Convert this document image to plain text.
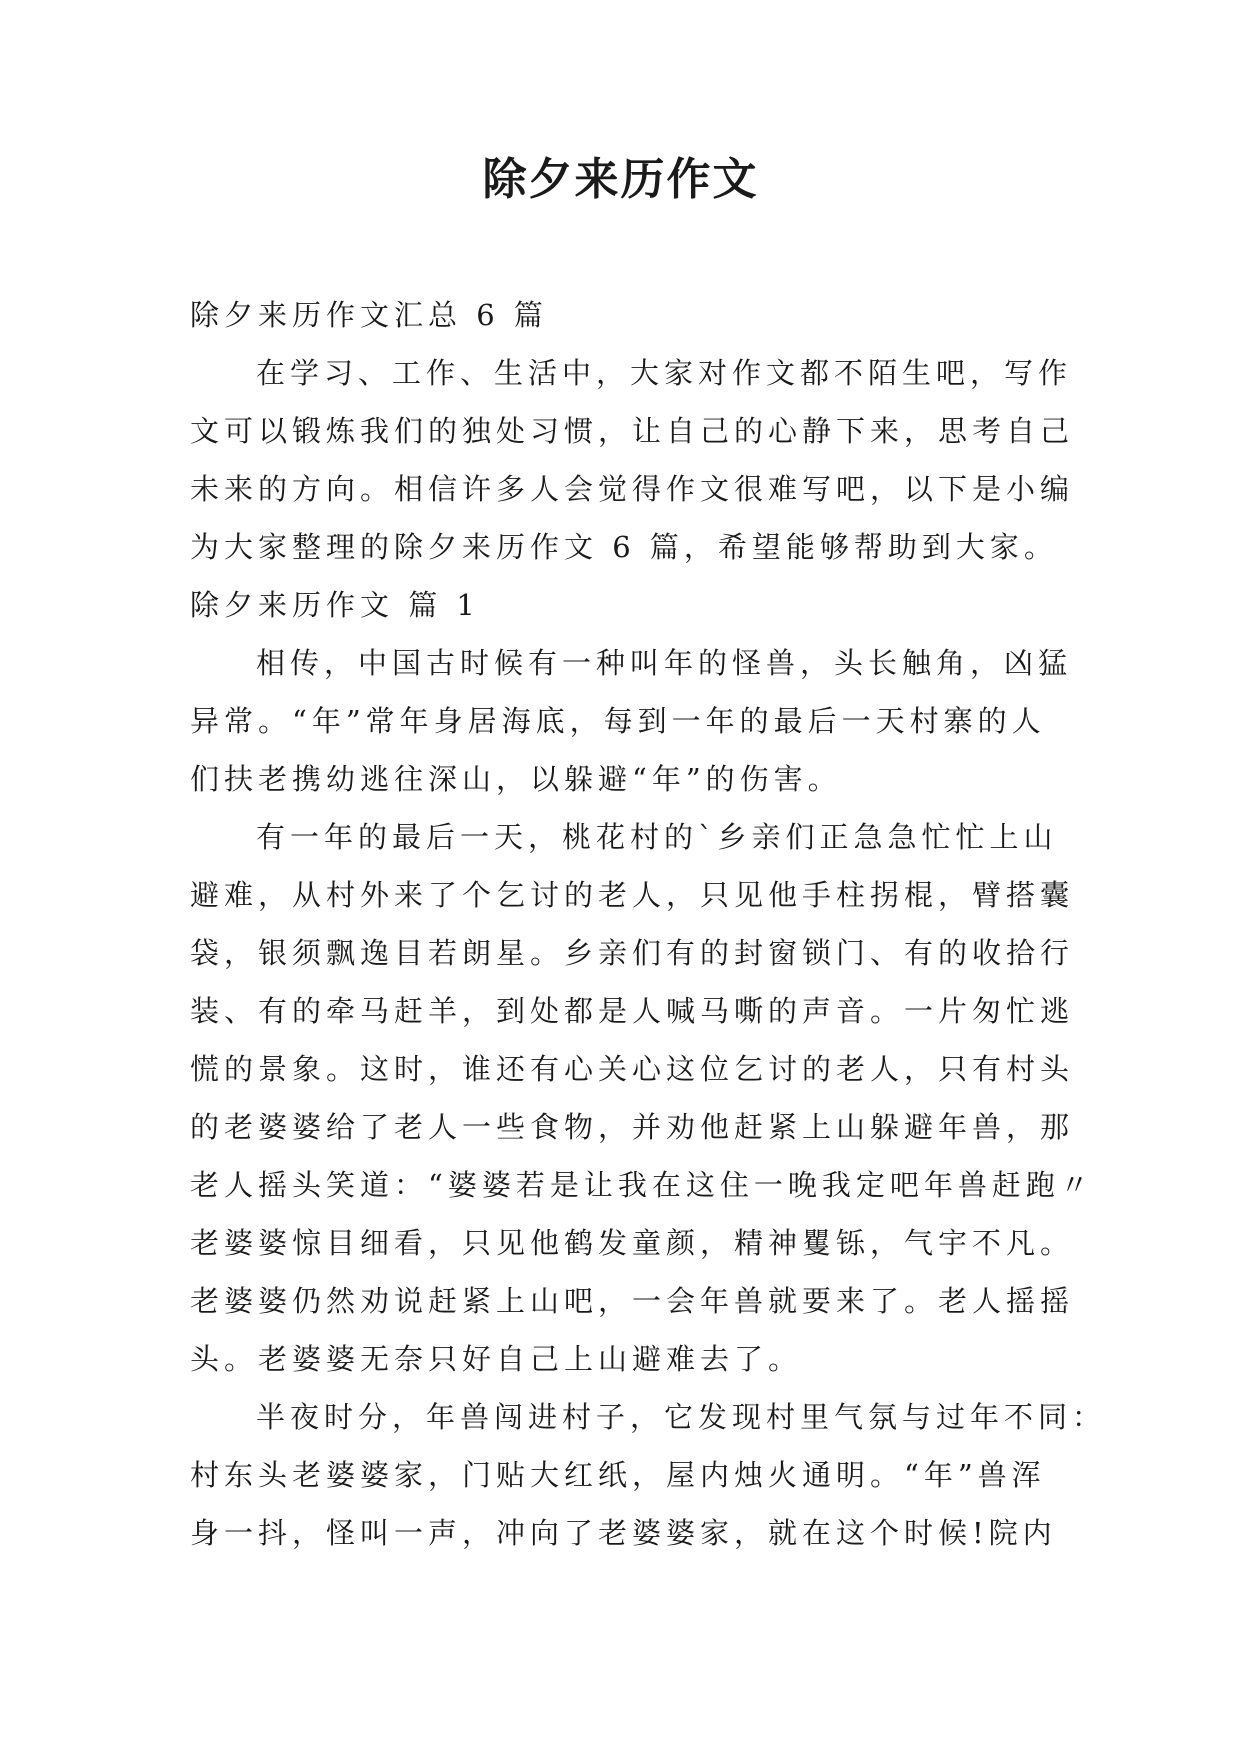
除夕来历作文
除夕来历作文汇总 6 篇
在学习、工作、生活中，大家对作文都不陌生吧，写作
文可以锻炼我们的独处习惯，让自己的心静下来，思考自己
未来的方向。相信许多人会觉得作文很难写吧，以下是小编
为大家整理的除夕来历作文 6 篇，希望能够帮助到大家。
除夕来历作文 篇 1
相传，中国古时候有一种叫年的怪兽，头长触角，凶猛
异常。“年”常年身居海底，每到一年的最后一天村寨的人
们扶老携幼逃往深山，以躲避“年”的伤害。
有一年的最后一天，桃花村的`乡亲们正急急忙忙上山
避难，从村外来了个乞讨的老人，只见他手柱拐棍，臂搭囊
袋，银须飘逸目若朗星。乡亲们有的封窗锁门、有的收拾行
装、有的牵马赶羊，到处都是人喊马嘶的声音。一片匆忙逃
慌的景象。这时，谁还有心关心这位乞讨的老人，只有村头
的老婆婆给了老人一些食物，并劝他赶紧上山躲避年兽，那
老人摇头笑道：“婆婆若是让我在这住一晚我定吧年兽赶跑〃
老婆婆惊目细看，只见他鹤发童颜，精神矍铄，气宇不凡。
老婆婆仍然劝说赶紧上山吧，一会年兽就要来了。老人摇摇
头。老婆婆无奈只好自己上山避难去了。
半夜时分，年兽闯进村子，它发现村里气氛与过年不同：
村东头老婆婆家，门贴大红纸，屋内烛火通明。“年”兽浑
身一抖，怪叫一声，冲向了老婆婆家，就在这个时候!院内
